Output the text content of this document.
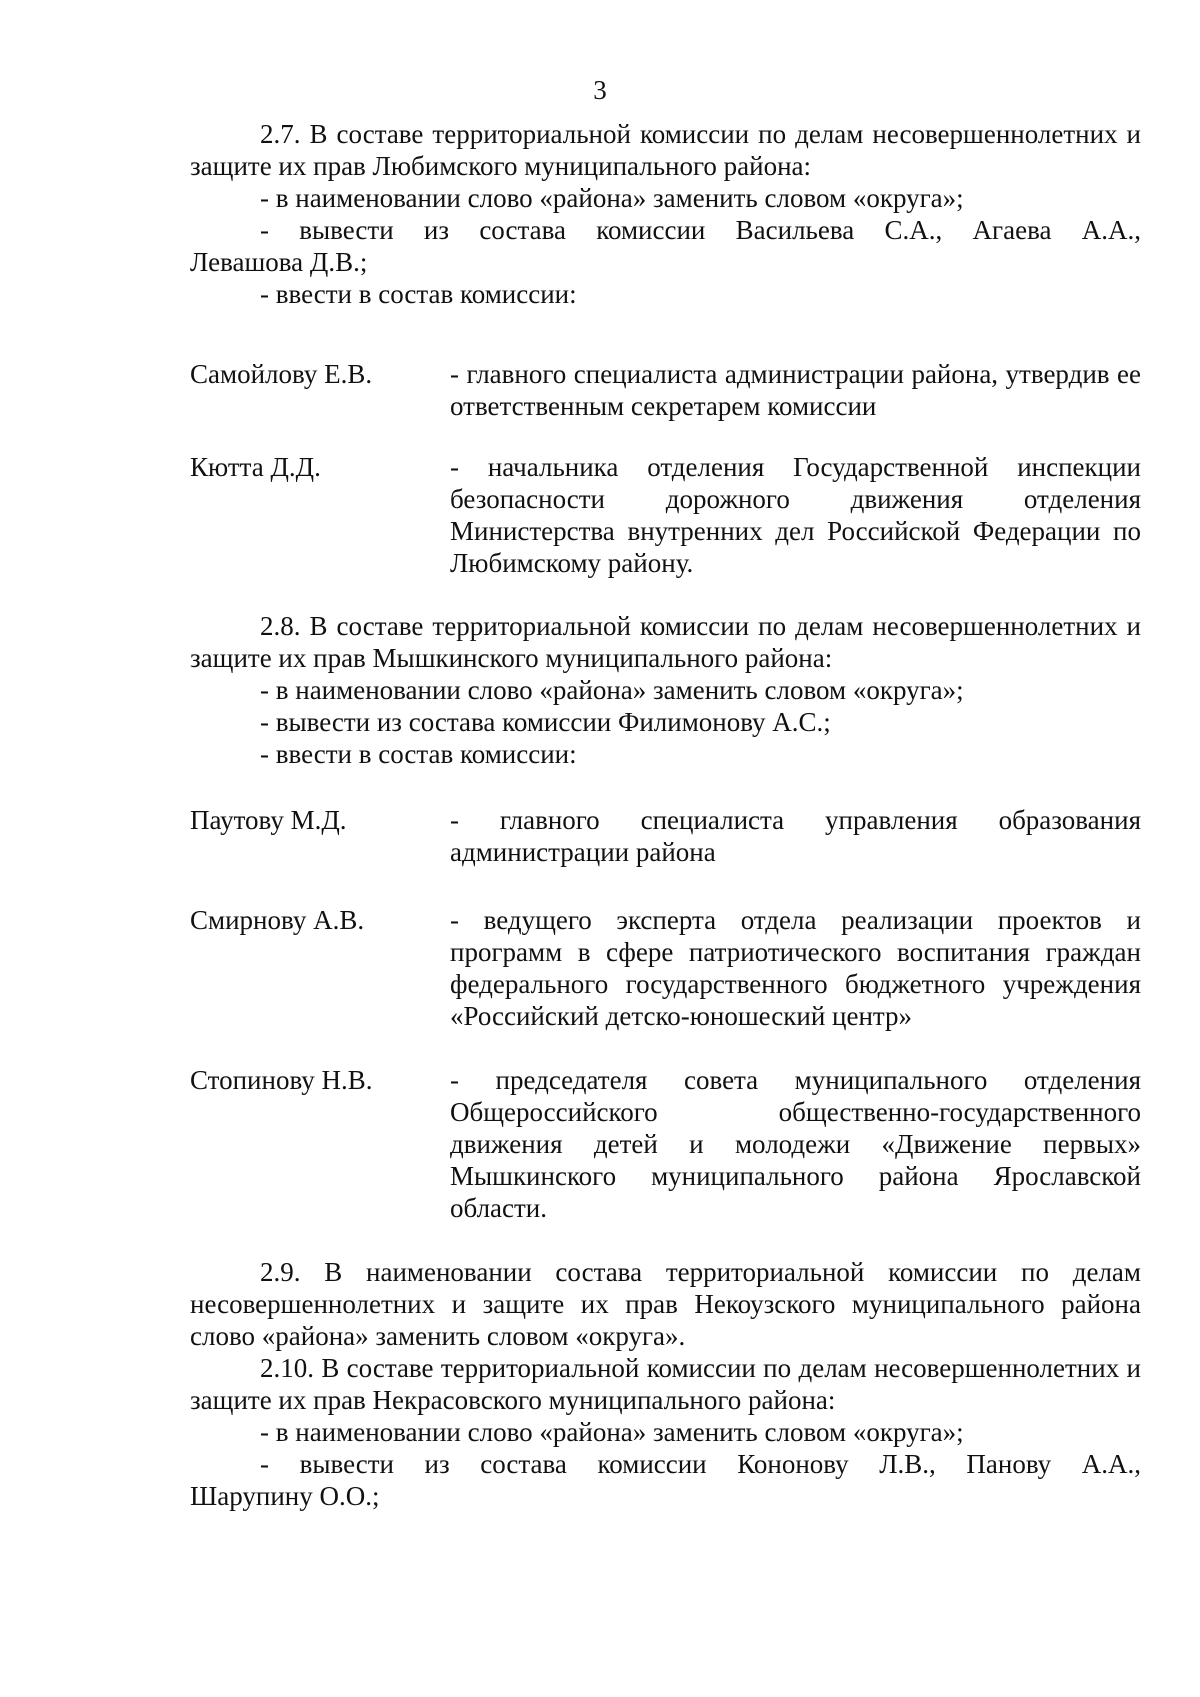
3

2.7. В составе территориальной комиссии по делам несовершеннолетних и защите их прав Любимского муниципального района:

- в наименовании слово «района» заменить словом «округа»;

- вывести из состава комиссии Васильева С.А., Агаева А.А.,

Левашова Д.В.;

- ввести в состав комиссии:

Самойлову Е.В.	- главного специалиста администрации района, утвердив ее ответственным секретарем комиссии
Кютта Д.Д.	- начальника отделения Государственной инспекции безопасности дорожного движения отделения Министерства внутренних дел Российской Федерации по Любимскому району.

2.8. В составе территориальной комиссии по делам несовершеннолетних и защите их прав Мышкинского муниципального района:

- в наименовании слово «района» заменить словом «округа»;

- вывести из состава комиссии Филимонову А.С.;

- ввести в состав комиссии:

Паутову М.Д.	- главного специалиста управления образования администрации района
Смирнову А.В.	- ведущего эксперта отдела реализации проектов и программ в сфере патриотического воспитания граждан федерального государственного бюджетного учреждения «Российский детско-юношеский центр»
Стопинову Н.В.	- председателя совета муниципального отделения Общероссийского общественно-государственного движения детей и молодежи «Движение первых» Мышкинского муниципального района Ярославской области.

2.9. В наименовании состава территориальной комиссии по делам несовершеннолетних и защите их прав Некоузского муниципального района слово «района» заменить словом «округа».

2.10. В составе территориальной комиссии по делам несовершеннолетних и защите их прав Некрасовского муниципального района:

- в наименовании слово «района» заменить словом «округа»;

- вывести из состава комиссии Кононову Л.В., Панову А.А.,

Шарупину О.О.;
